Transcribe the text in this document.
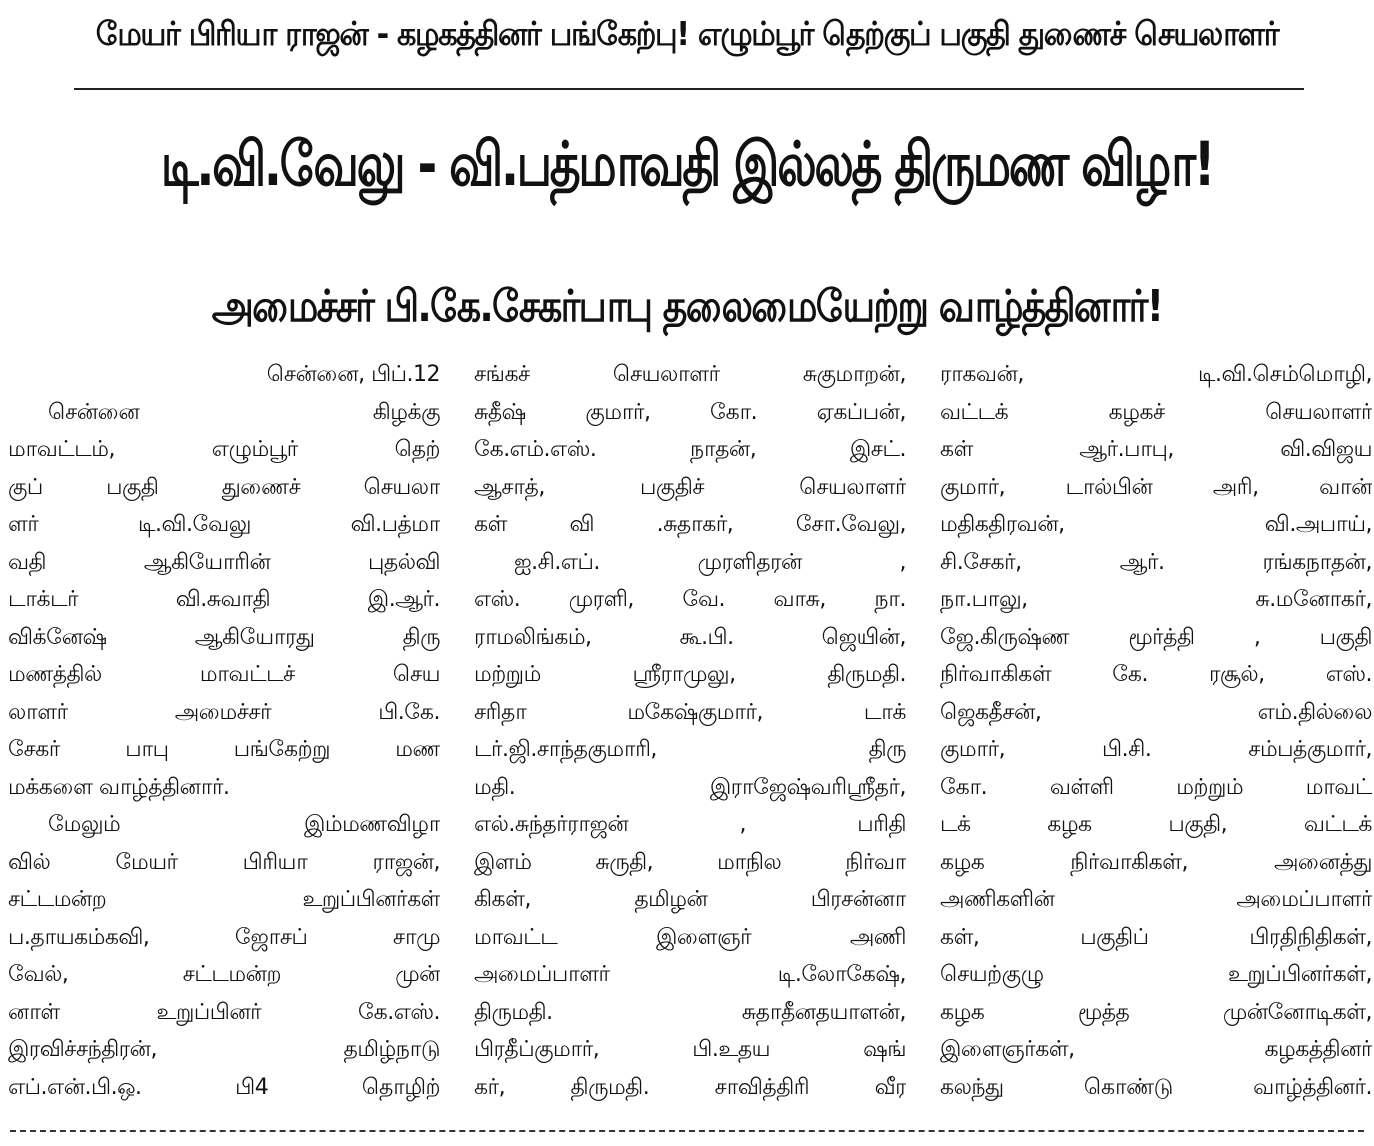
மேயர் பிரியா ராஜன் - கழகத்தினர் பங்கேற்பு! எழும்பூர் தெற்குப் பகுதி துணைச் செயலாளர்
டி.வி.வேலு - வி.பத்மாவதி இல்லத் திருமண விழா!
அமைச்சர் பி.கே.சேகர்பாபு தலைமையேற்று வாழ்த்தினார்!
சென்னை, பிப்.12
சென்னை கிழக்கு
மாவட்டம், எழும்பூர் தெற்
குப் பகுதி துணைச் செயலா
ளர் டி.வி.வேலு வி.பத்மா
வதி ஆகியோரின் புதல்வி
டாக்டர் வி.சுவாதி இ.ஆர்.
விக்னேஷ் ஆகியோரது திரு
மணத்தில் மாவட்டச் செய
லாளர் அமைச்சர் பி.கே.
சேகர் பாபு பங்கேற்று மண
மக்களை வாழ்த்தினார்.
மேலும் இம்மணவிழா
வில் மேயர் பிரியா ராஜன்,
சட்டமன்ற உறுப்பினர்கள்
ப.தாயகம்கவி, ஜோசப் சாமு
வேல், சட்டமன்ற முன்
னாள் உறுப்பினர் கே.எஸ்.
இரவிச்சந்திரன், தமிழ்நாடு
எப்.என்.பி.ஒ. பி4 தொழிற்
சங்கச் செயலாளர் சுகுமாறன்,
சுதீஷ் குமார், கோ. ஏகப்பன்,
கே.எம்.எஸ். நாதன், இசட்.
ஆசாத், பகுதிச் செயலாளர்
கள் வி .சுதாகர், சோ.வேலு,
ஐ.சி.எப். முரளிதரன் ,
எஸ். முரளி, வே. வாசு, நா.
ராமலிங்கம், கூ.பி. ஜெயின்,
மற்றும் ஸ்ரீராமுலு, திருமதி.
சரிதா மகேஷ்குமார், டாக்
டர்.ஜி.சாந்தகுமாரி, திரு
மதி. இராஜேஷ்வரிஸ்ரீதர்,
எல்.சுந்தர்ராஜன் , பரிதி
இளம் சுருதி, மாநில நிர்வா
கிகள், தமிழன் பிரசன்னா
மாவட்ட இளைஞர் அணி
அமைப்பாளர் டி.லோகேஷ்,
திருமதி. சுதாதீனதயாளன்,
பிரதீப்குமார், பி.உதய ஷங்
கர், திருமதி. சாவித்திரி வீர
ராகவன், டி.வி.செம்மொழி,
வட்டக் கழகச் செயலாளர்
கள் ஆர்.பாபு, வி.விஜய
குமார், டால்பின் அரி, வான்
மதிகதிரவன், வி.அபாய்,
சி.சேகர், ஆர். ரங்கநாதன்,
நா.பாலு, சு.மனோகர்,
ஜே.கிருஷ்ண மூர்த்தி , பகுதி
நிர்வாகிகள் கே. ரசூல், எஸ்.
ஜெகதீசன், எம்.தில்லை
குமார், பி.சி. சம்பத்குமார்,
கோ. வள்ளி மற்றும் மாவட்
டக் கழக பகுதி, வட்டக்
கழக நிர்வாகிகள், அனைத்து
அணிகளின் அமைப்பாளர்
கள், பகுதிப் பிரதிநிதிகள்,
செயற்குழு உறுப்பினர்கள்,
கழக மூத்த முன்னோடிகள்,
இளைஞர்கள், கழகத்தினர்
கலந்து கொண்டு வாழ்த்தினர்.
